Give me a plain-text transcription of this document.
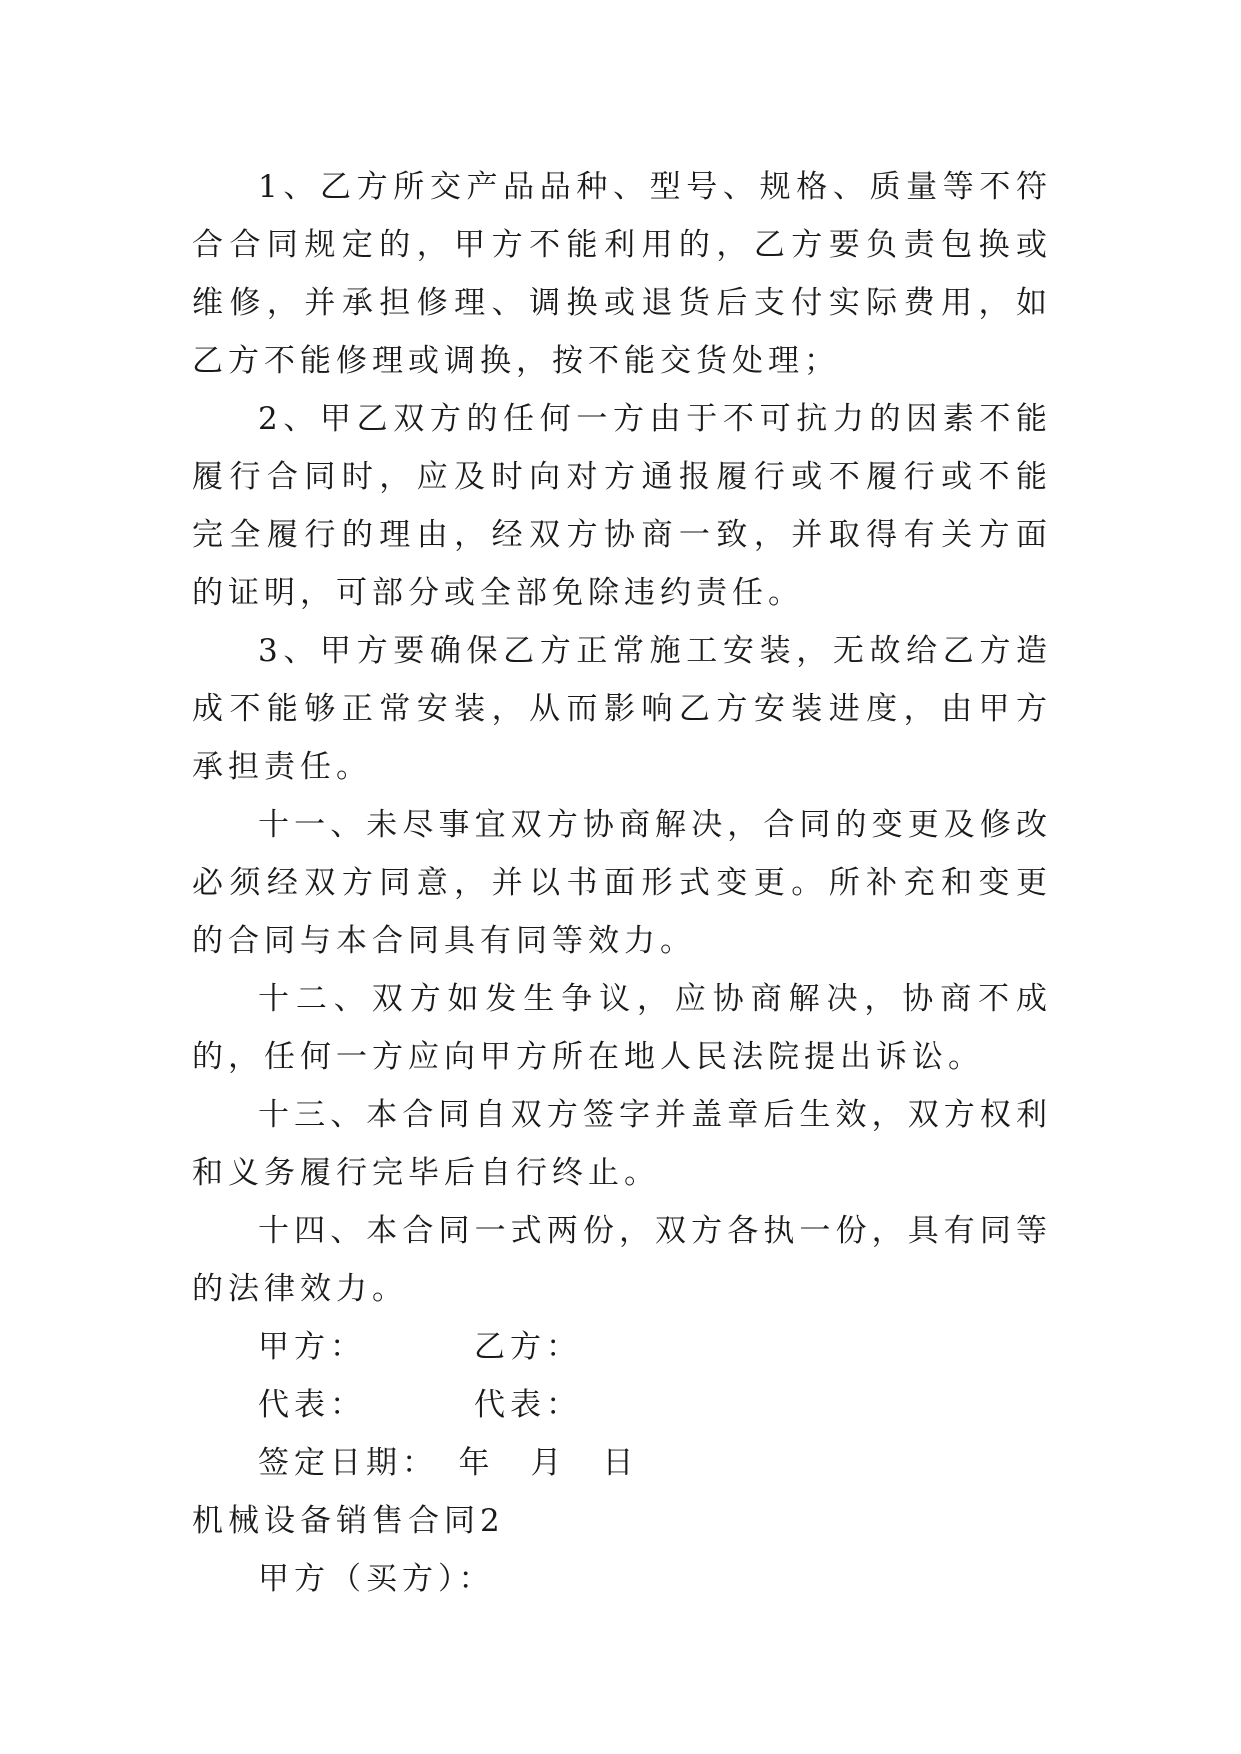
1、乙方所交产品品种、型号、规格、质量等不符合合同规定的，甲方不能利用的，乙方要负责包换或维修，并承担修理、调换或退货后支付实际费用，如乙方不能修理或调换，按不能交货处理；

2、甲乙双方的任何一方由于不可抗力的因素不能履行合同时，应及时向对方通报履行或不履行或不能完全履行的理由，经双方协商一致，并取得有关方面的证明，可部分或全部免除违约责任。

3、甲方要确保乙方正常施工安装，无故给乙方造成不能够正常安装，从而影响乙方安装进度，由甲方承担责任。

十一、未尽事宜双方协商解决，合同的变更及修改必须经双方同意，并以书面形式变更。所补充和变更的合同与本合同具有同等效力。

十二、双方如发生争议，应协商解决，协商不成的，任何一方应向甲方所在地人民法院提出诉讼。

十三、本合同自双方签字并盖章后生效，双方权利和义务履行完毕后自行终止。

十四、本合同一式两份，双方各执一份，具有同等的法律效力。

甲方：	乙方：
代表：	代表：
签定日期：　年　月　日

机械设备销售合同2

甲方（买方）：
